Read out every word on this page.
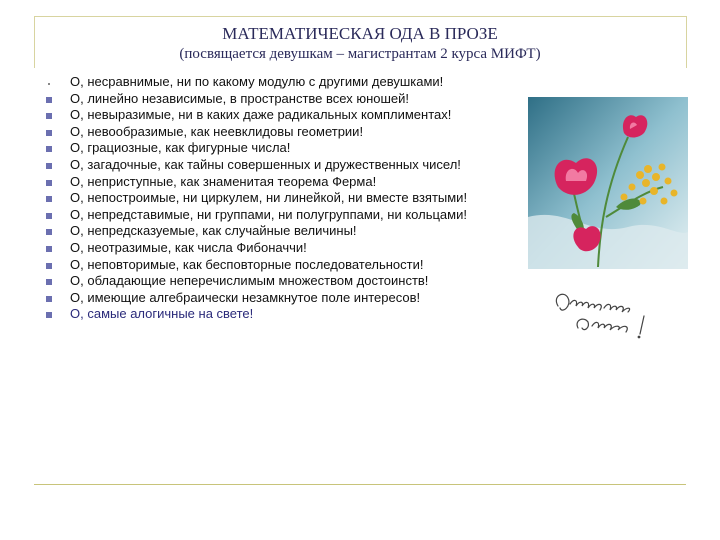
МАТЕМАТИЧЕСКАЯ ОДА В ПРОЗЕ
(посвящается девушкам – магистрантам 2 курса МИФТ)
О, несравнимые, ни по какому модулю с другими девушками!
О, линейно независимые, в пространстве всех юношей!
О, невыразимые, ни в каких даже радикальных комплиментах!
О, невообразимые, как неевклидовы геометрии!
О, грациозные, как фигурные числа!
О, загадочные, как тайны совершенных и дружественных чисел!
О, неприступные, как знаменитая теорема Ферма!
О, непостроимые, ни циркулем, ни линейкой, ни вместе взятыми!
О, непредставимые, ни группами, ни полугруппами, ни кольцами!
О, непредсказуемые, как случайные величины!
О, неотразимые, как числа Фибоначчи!
О, неповторимые, как бесповторные последовательности!
О, обладающие неперечислимым множеством достоинств!
О, имеющие алгебраически незамкнутое поле интересов!
О, самые алогичные на свете!
